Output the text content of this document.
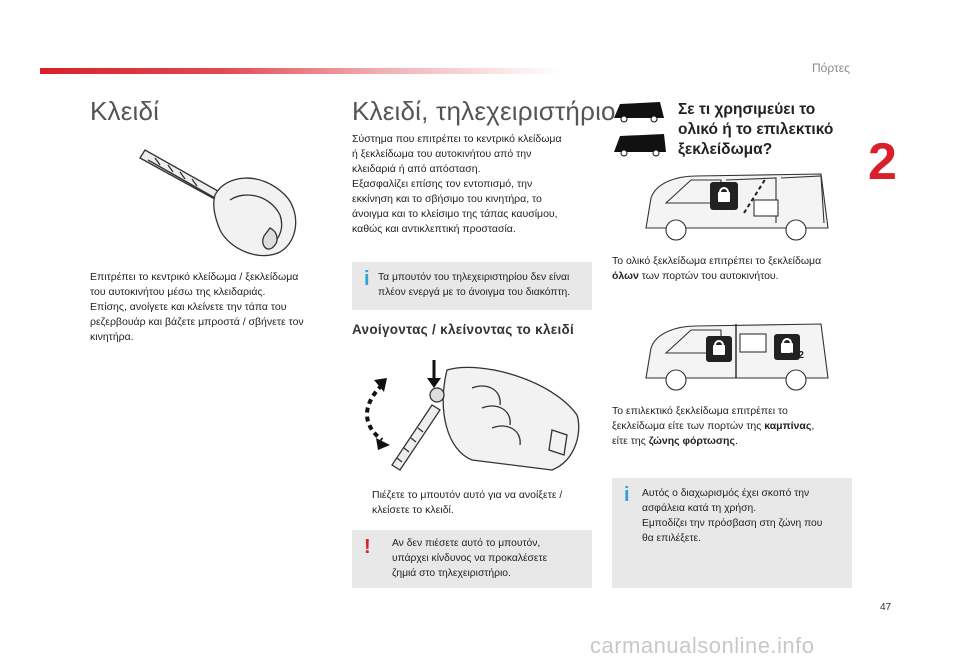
Πόρτες
2
Κλειδί
Επιτρέπει το κεντρικό κλείδωμα / ξεκλείδωμα
του αυτοκινήτου μέσω της κλειδαριάς.
Επίσης, ανοίγετε και κλείνετε την τάπα του
ρεζερβουάρ και βάζετε μπροστά / σβήνετε τον
κινητήρα.
Κλειδί, τηλεχειριστήριο
Σύστημα που επιτρέπει το κεντρικό κλείδωμα
ή ξεκλείδωμα του αυτοκινήτου από την
κλειδαριά ή από απόσταση.
Εξασφαλίζει επίσης τον εντοπισμό, την
εκκίνηση και το σβήσιμο του κινητήρα, το
άνοιγμα και το κλείσιμο της τάπας καυσίμου,
καθώς και αντικλεπτική προστασία.
i Τα μπουτόν του τηλεχειριστηρίου δεν είναι
πλέον ενεργά με το άνοιγμα του διακόπτη.
Ανοίγοντας / κλείνοντας το κλειδί
Πιέζετε το μπουτόν αυτό για να ανοίξετε /
κλείσετε το κλειδί.
! Αν δεν πιέσετε αυτό το μπουτόν,
υπάρχει κίνδυνος να προκαλέσετε
ζημιά στο τηλεχειριστήριο.
Σε τι χρησιμεύει το
ολικό ή το επιλεκτικό
ξεκλείδωμα?
Το ολικό ξεκλείδωμα επιτρέπει το ξεκλείδωμα
όλων των πορτών του αυτοκινήτου.
x 2
Το επιλεκτικό ξεκλείδωμα επιτρέπει το
ξεκλείδωμα είτε των πορτών της καμπίνας,
είτε της ζώνης φόρτωσης.
i Αυτός ο διαχωρισμός έχει σκοπό την
ασφάλεια κατά τη χρήση.
Εμποδίζει την πρόσβαση στη ζώνη που
θα επιλέξετε.
47
carmanualsonline.info
